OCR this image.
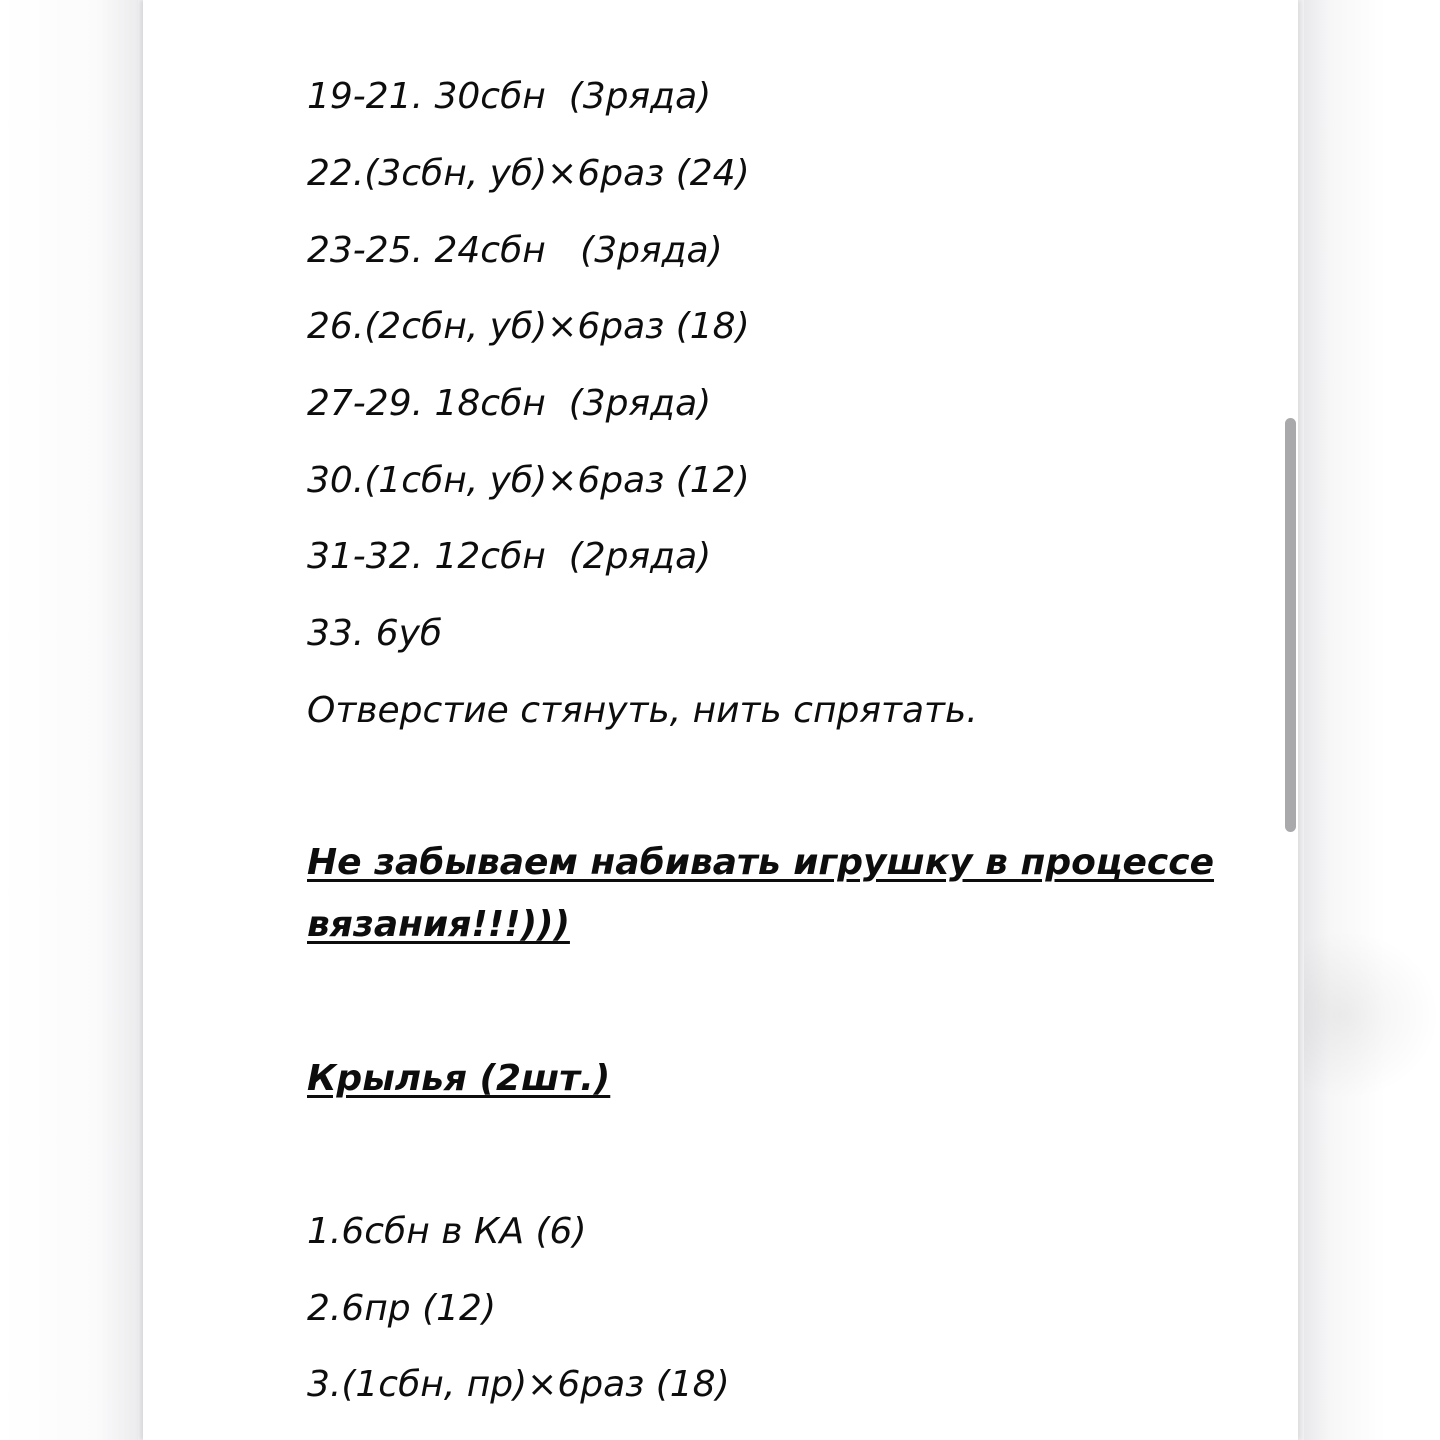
19-21. 30сбн  (3ряда)
22.(3сбн, уб)×6раз (24)
23-25. 24сбн   (3ряда)
26.(2сбн, уб)×6раз (18)
27-29. 18сбн  (3ряда)
30.(1сбн, уб)×6раз (12)
31-32. 12сбн  (2ряда)
33. 6уб
Отверстие стянуть, нить спрятать.
Не забываем набивать игрушку в процессе вязания!!!)))
Крылья (2шт.)
1.6сбн в КА (6)
2.6пр (12)
3.(1сбн, пр)×6раз (18)
